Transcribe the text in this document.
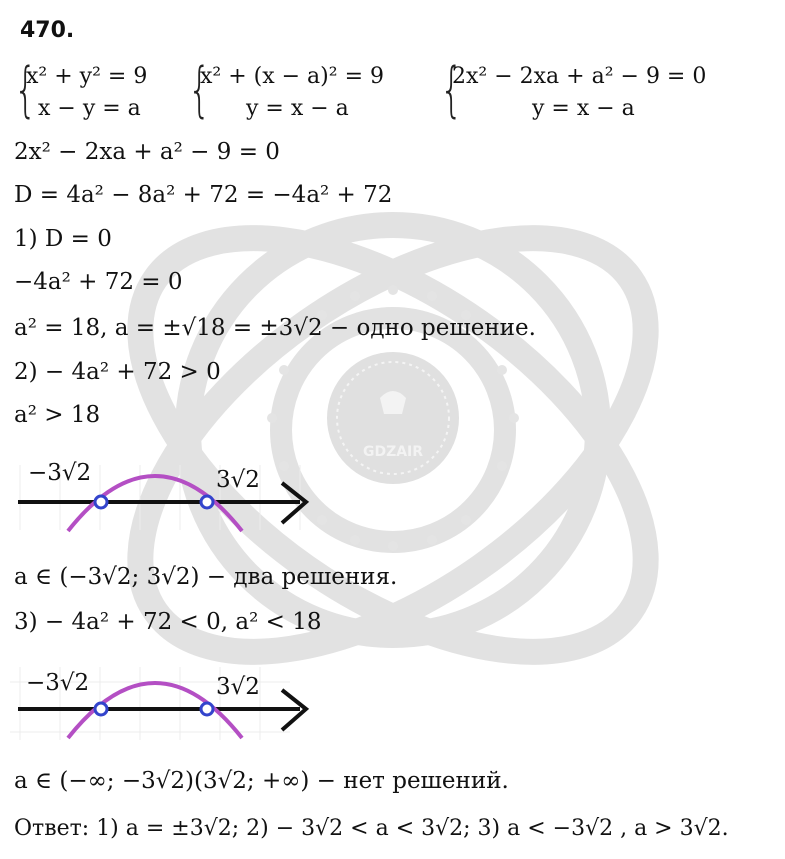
GDZAIR
470.
{
x² + y² = 9
x − y = a {
x² + (x − a)² = 9
y = x − a {
2x² − 2xa + a² − 9 = 0
y = x − a
2x² − 2xa + a² − 9 = 0
D = 4a² − 8a² + 72 = −4a² + 72
1) D = 0
−4a² + 72 = 0
a² = 18, a = ±√18 = ±3√2 − одно решение.
2) − 4a² + 72 > 0
a² > 18
−3√2	3√2
a ∈ (−3√2; 3√2) − два решения.
3) − 4a² + 72 < 0, a² < 18
−3√2	3√2
a ∈ (−∞; −3√2)(3√2; +∞) − нет решений.
Ответ: 1) a = ±3√2; 2) − 3√2 < a < 3√2; 3) a < −3√2 , a > 3√2.
